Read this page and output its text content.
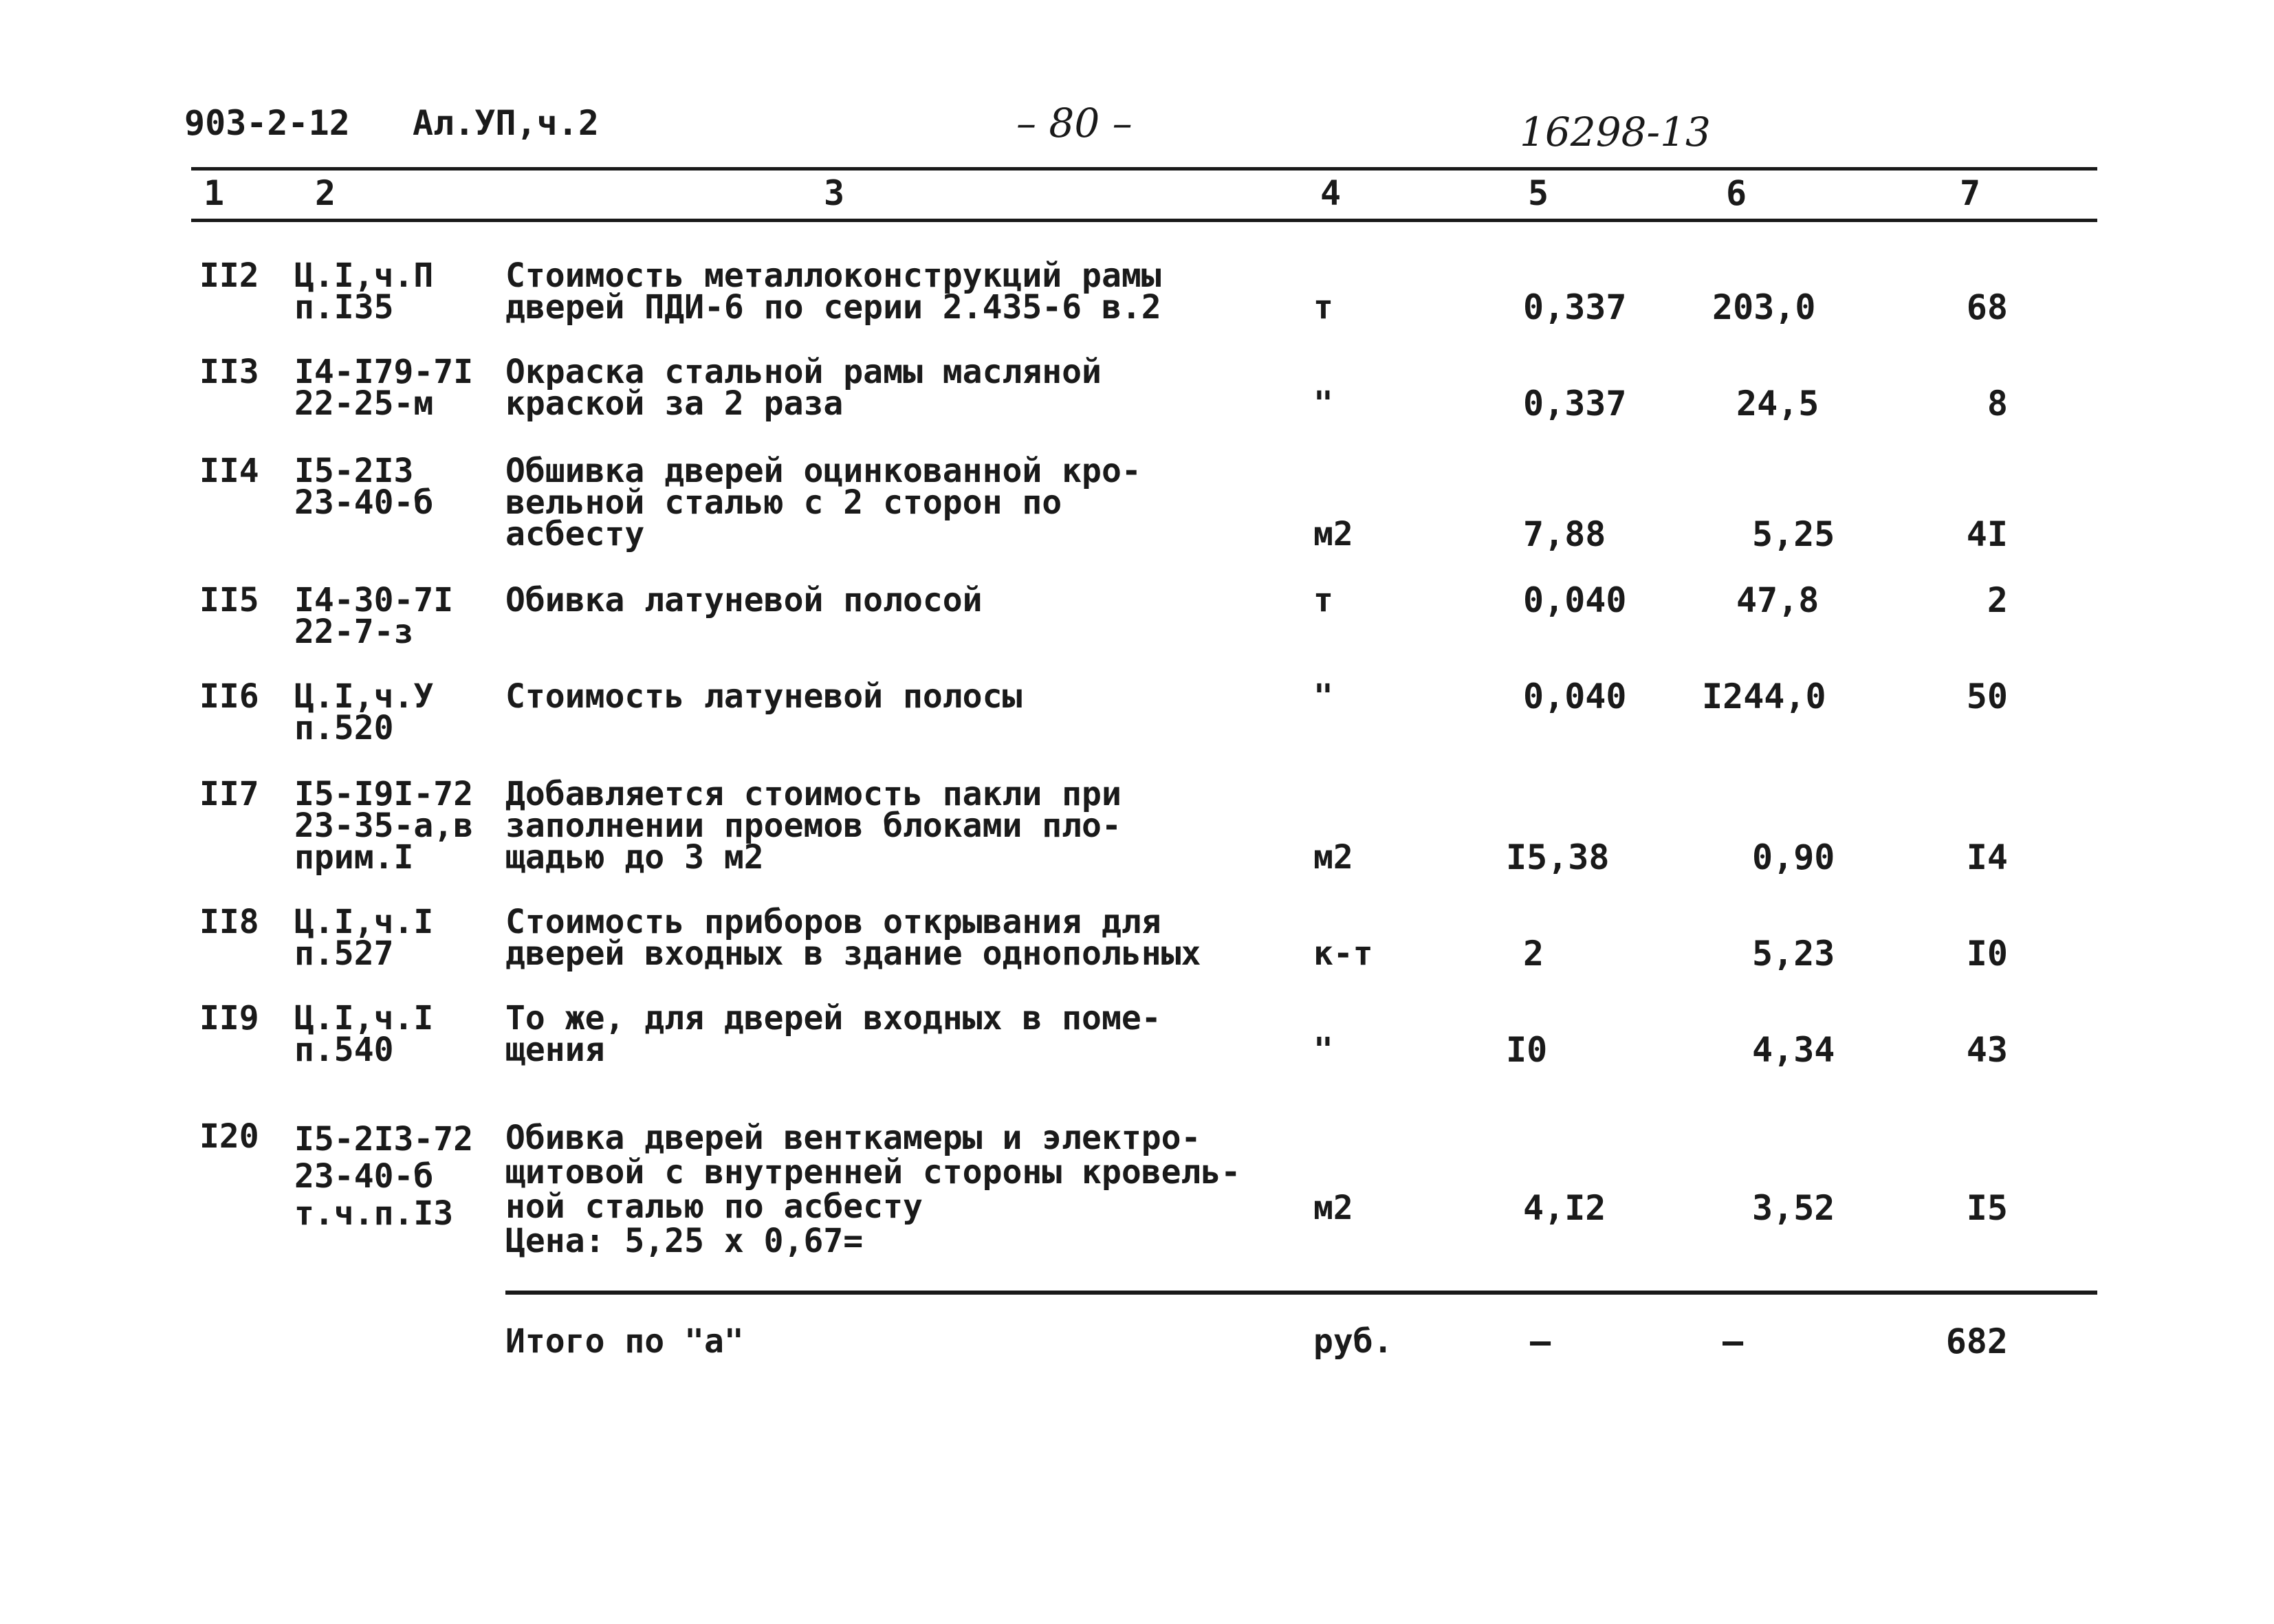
903-2-12 Ал.УП,ч.2	– 80 –	16298-13
1	2	3	4	5	6	7
II2 Ц.I,ч.П
п.I35
Стоимость металлоконструкций рамы
дверей ПДИ-6 по серии 2.435-6 в.2	т	0,337 203,0	68
II3 I4-I79-7I
22-25-м
Окраска стальной рамы масляной
краской за 2 раза	"	0,337	24,5	8
II4 I5-2I3
23-40-б
Обшивка дверей оцинкованной кро-
вельной сталью с 2 сторон по
асбесту	м2	7,88	5,25	4I
II5 I4-30-7I
22-7-з
Обивка латуневой полосой	т	0,040	47,8	2
II6 Ц.I,ч.У
п.520
Стоимость латуневой полосы	"	0,040 I244,0	50
II7 I5-I9I-72
23-35-а,в
прим.I
Добавляется стоимость пакли при
заполнении проемов блоками пло-
щадью до 3 м2	м2	I5,38	0,90	I4
II8 Ц.I,ч.I
п.527
Стоимость приборов открывания для
дверей входных в здание однопольных	к-т	2	5,23	I0
II9 Ц.I,ч.I
п.540
То же, для дверей входных в поме-
щения	"	I0	4,34	43
I20 I5-2I3-72
23-40-б
т.ч.п.I3
Обивка дверей венткамеры и электро-
щитовой с внутренней стороны кровель-
ной сталью по асбесту
Цена: 5,25 х 0,67=
м2	4,I2	3,52	I5
Итого по "а"	руб.	–	–	682
